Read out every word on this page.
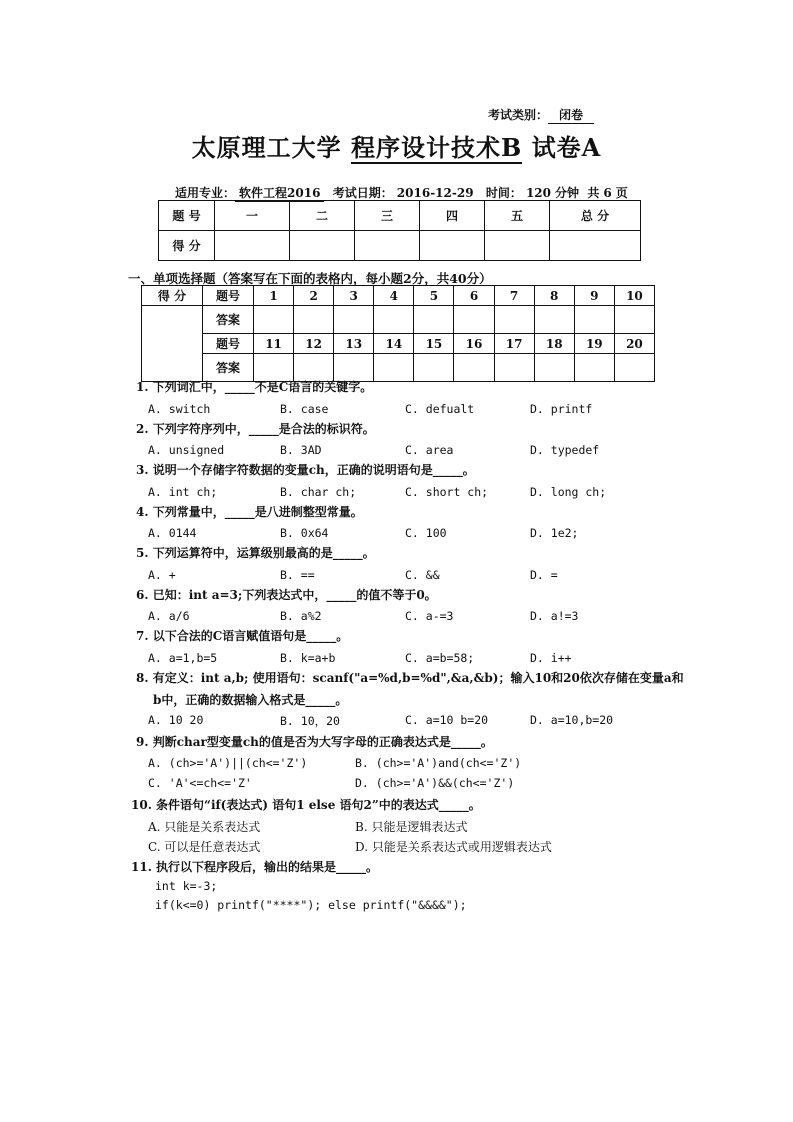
考试类别： 闭卷
太原理工大学 程序设计技术B 试卷A
适用专业： 软件工程2016 考试日期： 2016-12-29 时间： 120 分钟 共 6 页
题 号	一	二	三	四	五	总 分
得 分						
一、单项选择题（答案写在下面的表格内，每小题2分，共40分）
得 分	题号	1	2	3	4	5	6	7	8	9	10
	答案										
	题号	11	12	13	14	15	16	17	18	19	20
	答案										
1. 下列词汇中，_____不是C语言的关键字。
A. switch	B. case	C. defualt	D. printf
2. 下列字符序列中，_____是合法的标识符。
A. unsigned	B. 3AD	C. area	D. typedef
3. 说明一个存储字符数据的变量ch，正确的说明语句是_____。
A. int ch;	B. char ch;	C. short ch;	D. long ch;
4. 下列常量中，_____是八进制整型常量。
A. 0144	B. 0x64	C. 100	D. 1e2;
5. 下列运算符中，运算级别最高的是_____。
A. +	B. ==	C. &&	D. =
6. 已知：int a=3;下列表达式中，_____的值不等于0。
A. a/6	B. a%2	C. a-=3	D. a!=3
7. 以下合法的C语言赋值语句是_____。
A. a=1,b=5	B. k=a+b	C. a=b=58;	D. i++
8. 有定义：int a,b; 使用语句：scanf("a=%d,b=%d",&a,&b)；输入10和20依次存储在变量a和
b中，正确的数据输入格式是_____。
A. 10 20	B. 10，20	C. a=10 b=20	D. a=10,b=20
9. 判断char型变量ch的值是否为大写字母的正确表达式是_____。
A. (ch>='A')||(ch<='Z')	B. (ch>='A')and(ch<='Z')
C. 'A'<=ch<='Z'	D. (ch>='A')&&(ch<='Z')
10. 条件语句“if(表达式) 语句1 else 语句2”中的表达式_____。
A. 只能是关系表达式	B. 只能是逻辑表达式
C. 可以是任意表达式	D. 只能是关系表达式或用逻辑表达式
11. 执行以下程序段后，输出的结果是_____。
int k=-3;
if(k<=0) printf("****"); else printf("&&&&");
